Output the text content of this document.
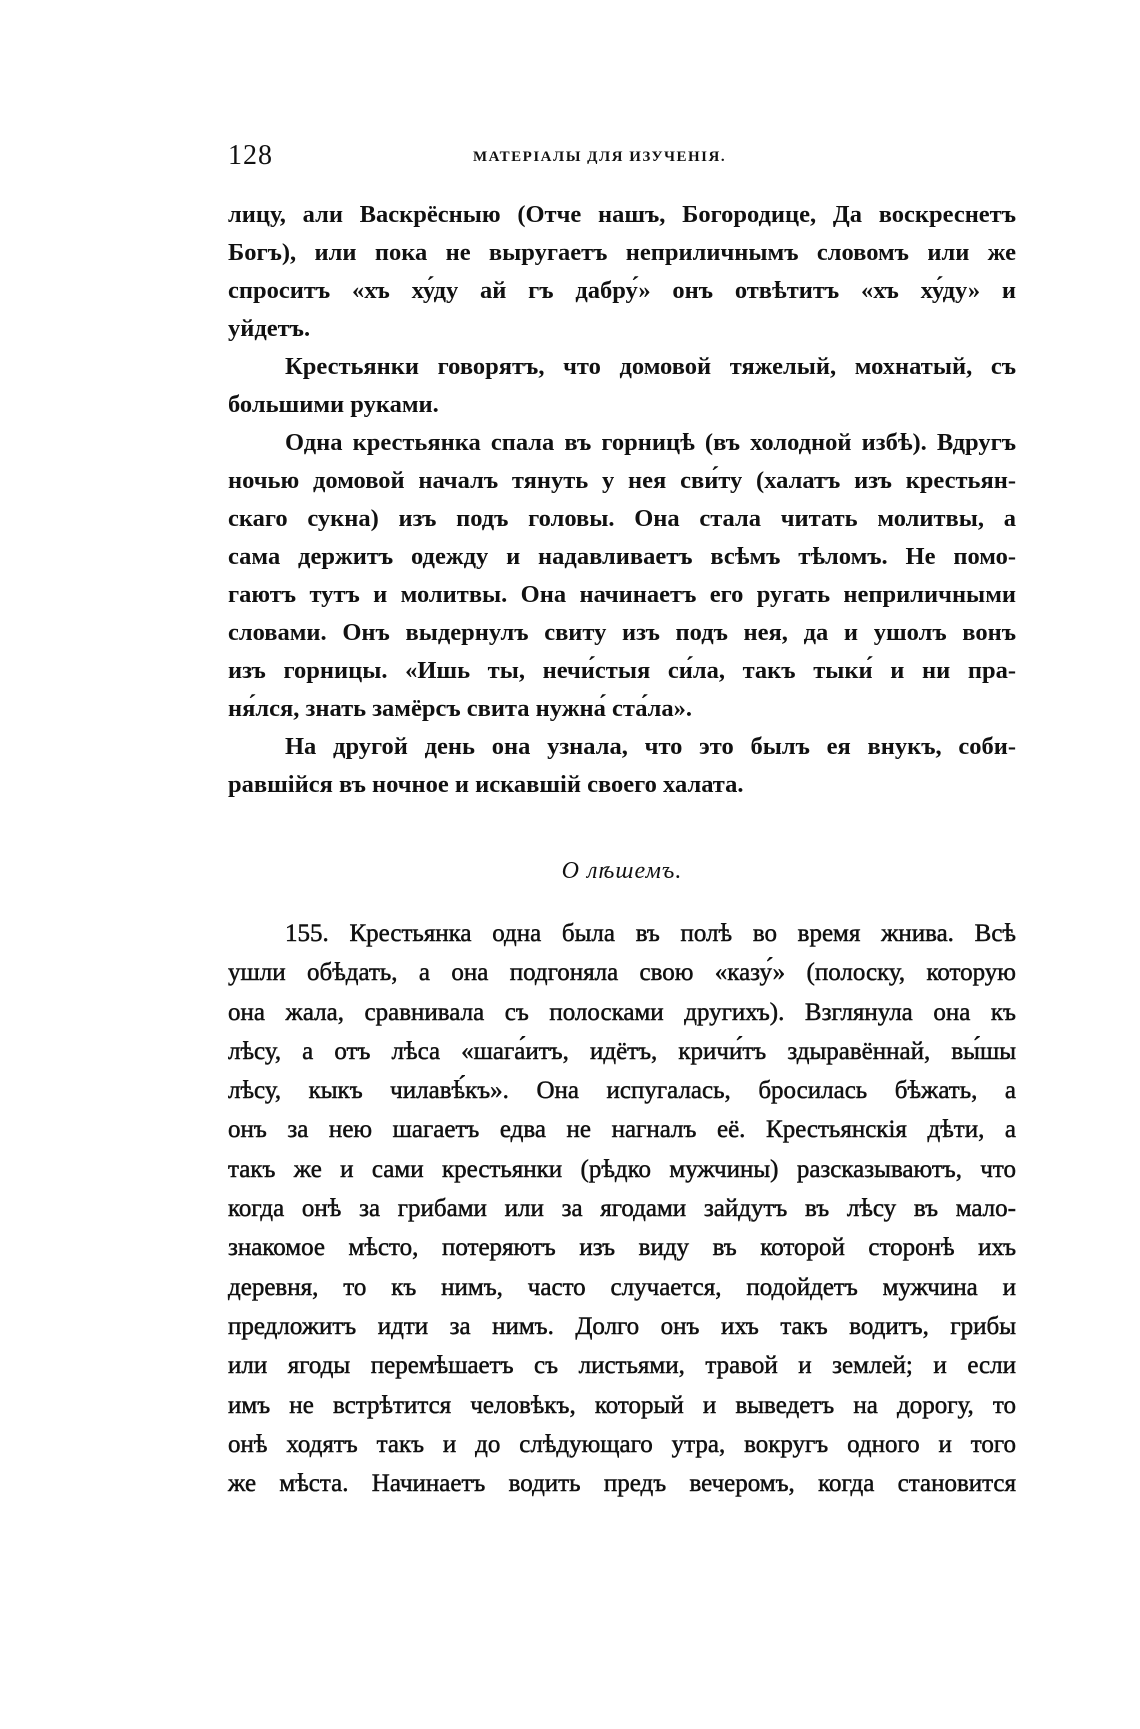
128	МАТЕРІАЛЫ ДЛЯ ИЗУЧЕНІЯ.
лицу, али Васкрёсныю (Отче нашъ, Богородице, Да воскреснетъ
Богъ), или пока не выругаетъ неприличнымъ словомъ или же
спроситъ «хъ ху́ду ай гъ дабру́» онъ отвѣтитъ «хъ ху́ду» и
уйдетъ.
Крестьянки говорятъ, что домовой тяжелый, мохнатый, съ
большими руками.
Одна крестьянка спала въ горницѣ (въ холодной избѣ). Вдругъ
ночью домовой началъ тянуть у нея сви́ту (халатъ изъ крестьян-
скаго сукна) изъ подъ головы. Она стала читать молитвы, а
сама держитъ одежду и надавливаетъ всѣмъ тѣломъ. Не помо-
гаютъ тутъ и молитвы. Она начинаетъ его ругать неприличными
словами. Онъ выдернулъ свиту изъ подъ нея, да и ушолъ вонъ
изъ горницы. «Ишь ты, нечи́стыя си́ла, такъ тыки́ и ни пра-
ня́лся, знать замёрсъ свита нужна́ ста́ла».
На другой день она узнала, что это былъ ея внукъ, соби-
равшійся въ ночное и искавшій своего халата.
О лѣшемъ.
155. Крестьянка одна была въ полѣ во время жнива. Всѣ
ушли обѣдать, а она подгоняла свою «казу́» (полоску, которую
она жала, сравнивала съ полосками другихъ). Взглянула она къ
лѣсу, а отъ лѣса «шага́итъ, идётъ, кричи́тъ здыравённай, вы́шы
лѣсу, кыкъ чилавѣ́къ». Она испугалась, бросилась бѣжать, а
онъ за нею шагаетъ едва не нагналъ её. Крестьянскія дѣти, а
такъ же и сами крестьянки (рѣдко мужчины) разсказываютъ, что
когда онѣ за грибами или за ягодами зайдутъ въ лѣсу въ мало-
знакомое мѣсто, потеряютъ изъ виду въ которой сторонѣ ихъ
деревня, то къ нимъ, часто случается, подойдетъ мужчина и
предложитъ идти за нимъ. Долго онъ ихъ такъ водитъ, грибы
или ягоды перемѣшаетъ съ листьями, травой и землей; и если
имъ не встрѣтится человѣкъ, который и выведетъ на дорогу, то
онѣ ходятъ такъ и до слѣдующаго утра, вокругъ одного и того
же мѣста. Начинаетъ водить предъ вечеромъ, когда становится
